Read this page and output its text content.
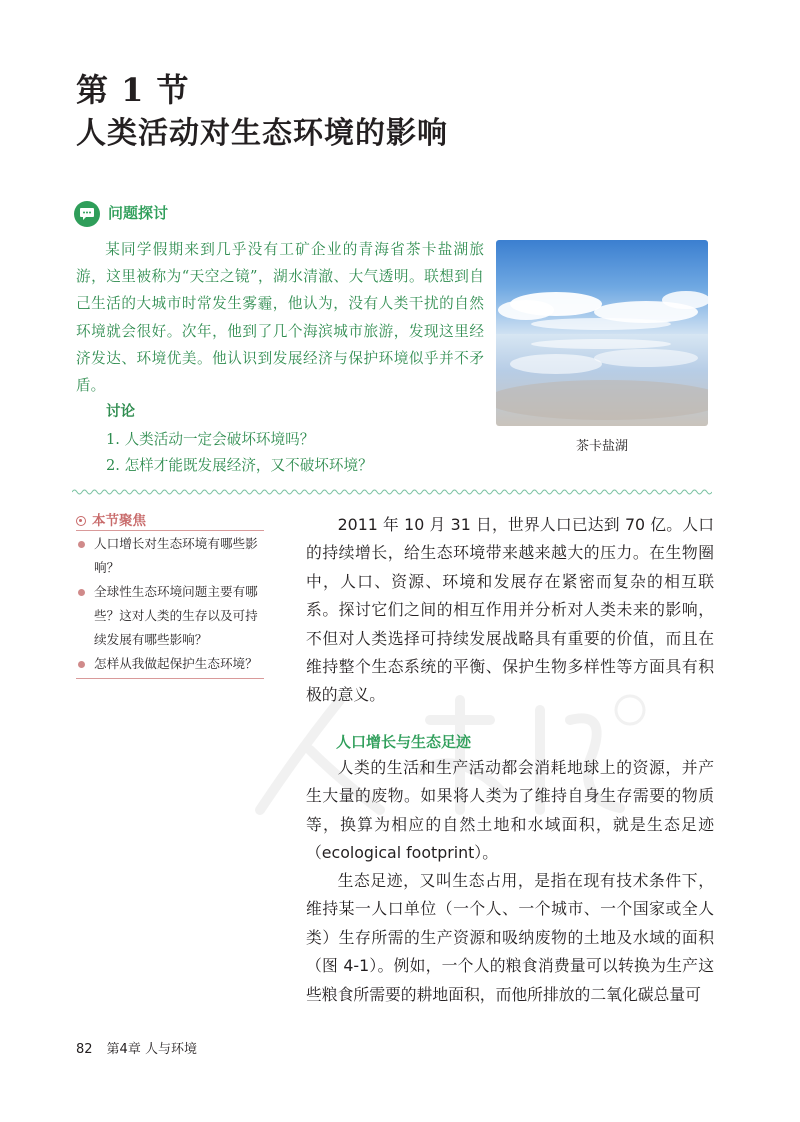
第 1 节
人类活动对生态环境的影响
问题探讨

某同学假期来到几乎没有工矿企业的青海省茶卡盐湖旅游，这里被称为“天空之镜”，湖水清澈、大气透明。联想到自己生活的大城市时常发生雾霾，他认为，没有人类干扰的自然环境就会很好。次年，他到了几个海滨城市旅游，发现这里经济发达、环境优美。他认识到发展经济与保护环境似乎并不矛盾。

讨论
1. 人类活动一定会破坏环境吗？
2. 怎样才能既发展经济，又不破坏环境？
茶卡盐湖
本节聚焦
人口增长对生态环境有哪些影响？
全球性生态环境问题主要有哪些？这对人类的生存以及可持续发展有哪些影响？
怎样从我做起保护生态环境？

2011 年 10 月 31 日，世界人口已达到 70 亿。人口的持续增长，给生态环境带来越来越大的压力。在生物圈中，人口、资源、环境和发展存在紧密而复杂的相互联系。探讨它们之间的相互作用并分析对人类未来的影响，不但对人类选择可持续发展战略具有重要的价值，而且在维持整个生态系统的平衡、保护生物多样性等方面具有积极的意义。

人口增长与生态足迹

人类的生活和生产活动都会消耗地球上的资源，并产生大量的废物。如果将人类为了维持自身生存需要的物质等，换算为相应的自然土地和水域面积，就是生态足迹（ecological footprint）。

生态足迹，又叫生态占用，是指在现有技术条件下，维持某一人口单位（一个人、一个城市、一个国家或全人类）生存所需的生产资源和吸纳废物的土地及水域的面积（图 4-1）。例如，一个人的粮食消费量可以转换为生产这些粮食所需要的耕地面积，而他所排放的二氧化碳总量可

82 第4章 人与环境
